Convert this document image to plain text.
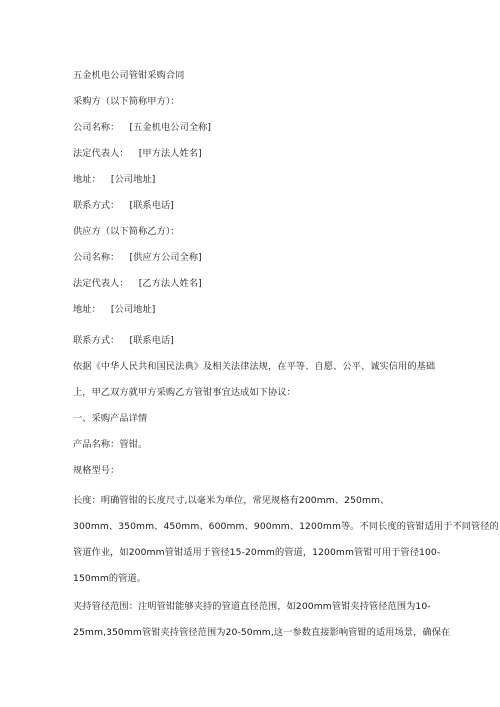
五金机电公司管钳采购合同
采购方（以下简称甲方）：
公司名称： [五金机电公司全称]
法定代表人： [甲方法人姓名]
地址： [公司地址]
联系方式： [联系电话]
供应方（以下简称乙方）：
公司名称： [供应方公司全称]
法定代表人： [乙方法人姓名]
地址： [公司地址]
联系方式： [联系电话]
依据《中华人民共和国民法典》及相关法律法规，在平等、自愿、公平、诚实信用的基础
上，甲乙双方就甲方采购乙方管钳事宜达成如下协议：
一、采购产品详情
产品名称：管钳。
规格型号：
长度：明确管钳的长度尺寸,以毫米为单位，常见规格有200mm、250mm、
300mm、350mm、450mm、600mm、900mm、1200mm等。不同长度的管钳适用于不同管径的
管道作业，如200mm管钳适用于管径15-20mm的管道，1200mm管钳可用于管径100-
150mm的管道。
夹持管径范围：注明管钳能够夹持的管道直径范围，如200mm管钳夹持管径范围为10-
25mm,350mm管钳夹持管径范围为20-50mm,这一参数直接影响管钳的适用场景，确保在
